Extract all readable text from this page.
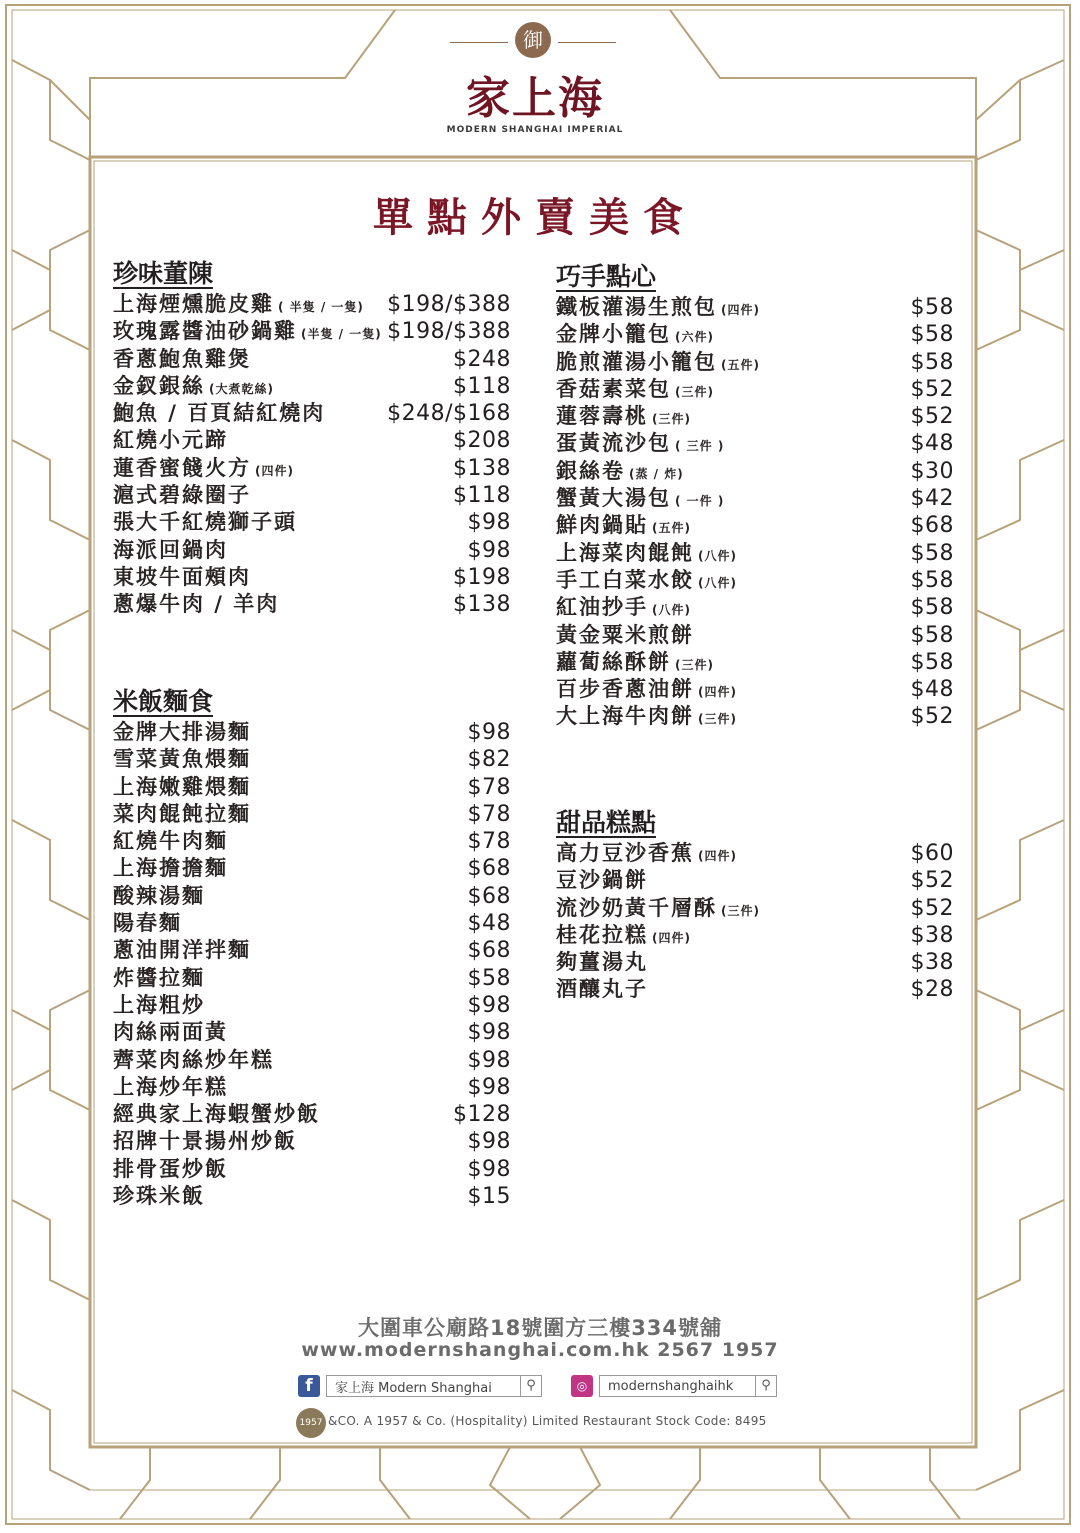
御
家上海
MODERN SHANGHAI IMPERIAL
單點外賣美食
珍味董陳
上海煙燻脆皮雞 ( 半隻 / 一隻) $198/$388
玫瑰露醬油砂鍋雞 (半隻 / 一隻) $198/$388
香蔥鮑魚雞煲	$248
金釵銀絲 (大煮乾絲)	$118
鮑魚 / 百頁結紅燒肉	$248/$168
紅燒小元蹄	$208
蓮香蜜餞火方 (四件)	$138
滬式碧綠圈子	$118
張大千紅燒獅子頭	$98
海派回鍋肉	$98
東坡牛面頰肉	$198
蔥爆牛肉 / 羊肉	$138
米飯麵食
金牌大排湯麵	$98
雪菜黃魚煨麵	$82
上海嫩雞煨麵	$78
菜肉餛飩拉麵	$78
紅燒牛肉麵	$78
上海擔擔麵	$68
酸辣湯麵	$68
陽春麵	$48
蔥油開洋拌麵	$68
炸醬拉麵	$58
上海粗炒	$98
肉絲兩面黃	$98
薺菜肉絲炒年糕	$98
上海炒年糕	$98
經典家上海蝦蟹炒飯	$128
招牌十景揚州炒飯	$98
排骨蛋炒飯	$98
珍珠米飯	$15
巧手點心
鐵板灌湯生煎包 (四件)	$58
金牌小籠包 (六件)	$58
脆煎灌湯小籠包 (五件)	$58
香菇素菜包 (三件)	$52
蓮蓉壽桃 (三件)	$52
蛋黃流沙包 ( 三件 )	$48
銀絲卷 (蒸 / 炸)	$30
蟹黃大湯包 ( 一件 )	$42
鮮肉鍋貼 (五件)	$68
上海菜肉餛飩 (八件)	$58
手工白菜水餃 (八件)	$58
紅油抄手 (八件)	$58
黃金粟米煎餅	$58
蘿蔔絲酥餅 (三件)	$58
百步香蔥油餅 (四件)	$48
大上海牛肉餅 (三件)	$52
甜品糕點
高力豆沙香蕉 (四件)	$60
豆沙鍋餅	$52
流沙奶黃千層酥 (三件)	$52
桂花拉糕 (四件)	$38
夠薑湯丸	$38
酒釀丸子	$28
大圍車公廟路18號圍方三樓334號舖
www.modernshanghai.com.hk 2567 1957
f	家上海 Modern Shanghai	⚲	◎	modernshanghaihk	⚲
1957 &CO. A 1957 & Co. (Hospitality) Limited Restaurant Stock Code: 8495
